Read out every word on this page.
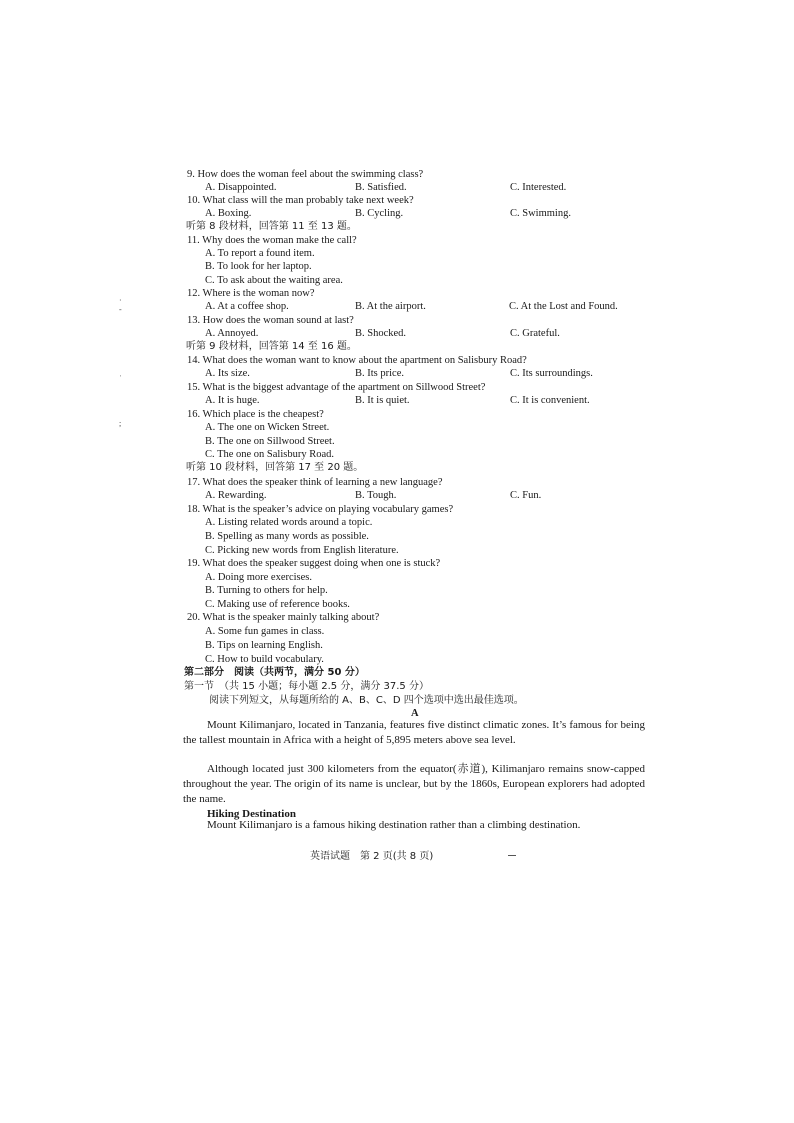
9. How does the woman feel about the swimming class?
A. Disappointed.	B. Satisfied.	C. Interested.
10. What class will the man probably take next week?
A. Boxing.	B. Cycling.	C. Swimming.
听第 8 段材料，回答第 11 至 13 题。
11. Why does the woman make the call?
A. To report a found item.
B. To look for her laptop.
C. To ask about the waiting area.
12. Where is the woman now?
A. At a coffee shop.	B. At the airport.	C. At the Lost and Found.
13. How does the woman sound at last?
A. Annoyed.	B. Shocked.	C. Grateful.
听第 9 段材料，回答第 14 至 16 题。
14. What does the woman want to know about the apartment on Salisbury Road?
A. Its size.	B. Its price.	C. Its surroundings.
15. What is the biggest advantage of the apartment on Sillwood Street?
A. It is huge.	B. It is quiet.	C. It is convenient.
16. Which place is the cheapest?
A. The one on Wicken Street.
B. The one on Sillwood Street.
C. The one on Salisbury Road.
听第 10 段材料，回答第 17 至 20 题。
17. What does the speaker think of learning a new language?
A. Rewarding.	B. Tough.	C. Fun.
18. What is the speaker’s advice on playing vocabulary games?
A. Listing related words around a topic.
B. Spelling as many words as possible.
C. Picking new words from English literature.
19. What does the speaker suggest doing when one is stuck?
A. Doing more exercises.
B. Turning to others for help.
C. Making use of reference books.
20. What is the speaker mainly talking about?
A. Some fun games in class.
B. Tips on learning English.
C. How to build vocabulary.
第二部分　阅读（共两节，满分 50 分）
第一节　（共 15 小题；每小题 2.5 分，满分 37.5 分）
阅读下列短文，从每题所给的 A、B、C、D 四个选项中选出最佳选项。
A
Mount Kilimanjaro, located in Tanzania, features five distinct climatic zones. It’s famous for being the tallest mountain in Africa with a height of 5,895 meters above sea level.
Although located just 300 kilometers from the equator(赤道), Kilimanjaro remains snow-capped throughout the year. The origin of its name is unclear, but by the 1860s, European explorers had adopted the name.
Hiking Destination
Mount Kilimanjaro is a famous hiking destination rather than a climbing destination.
英语试题　第 2 页(共 8 页)
·
-
ˈ
;
